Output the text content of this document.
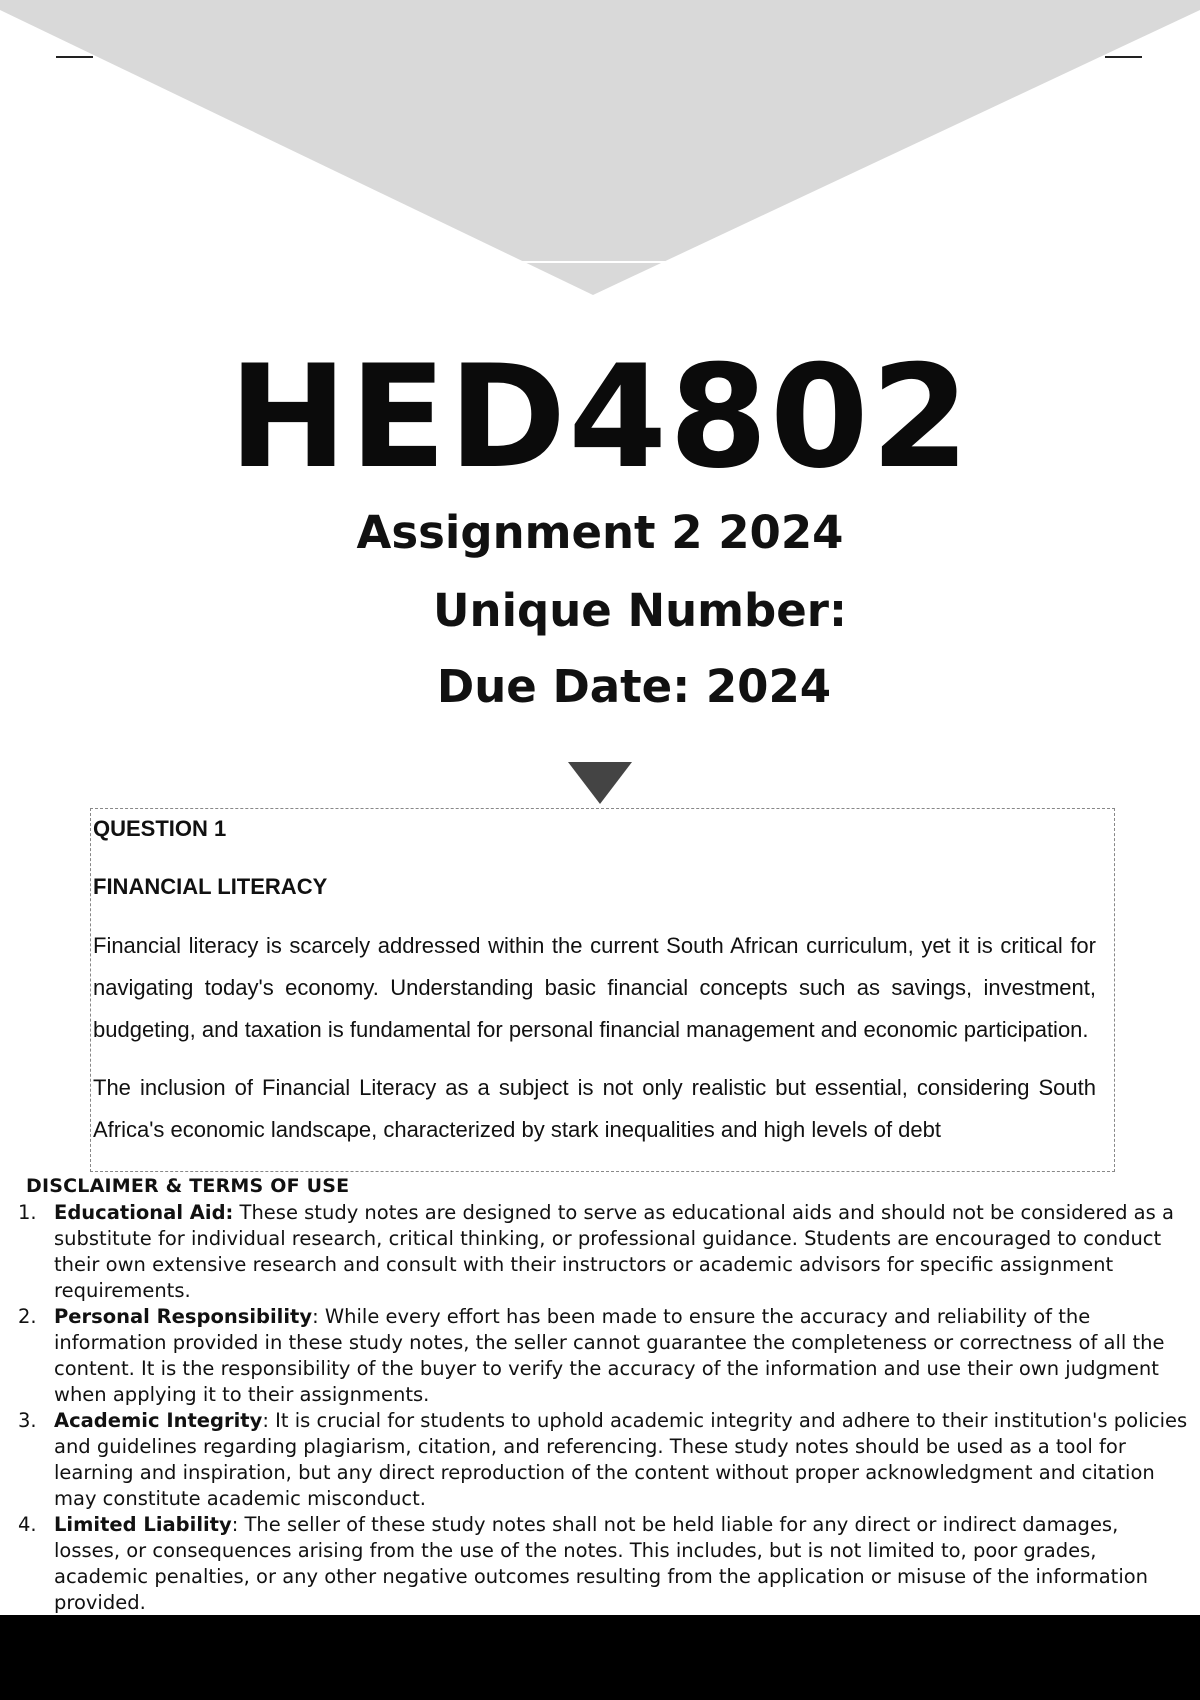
HED4802
Assignment 2 2024
Unique Number:
Due Date: 2024

QUESTION 1

FINANCIAL LITERACY

Financial literacy is scarcely addressed within the current South African curriculum, yet it is critical for navigating today's economy. Understanding basic financial concepts such as savings, investment, budgeting, and taxation is fundamental for personal financial management and economic participation.

The inclusion of Financial Literacy as a subject is not only realistic but essential, considering South Africa's economic landscape, characterized by stark inequalities and high levels of debt

DISCLAIMER & TERMS OF USE
1. Educational Aid: These study notes are designed to serve as educational aids and should not be considered as a substitute for individual research, critical thinking, or professional guidance. Students are encouraged to conduct their own extensive research and consult with their instructors or academic advisors for specific assignment requirements.
2. Personal Responsibility: While every effort has been made to ensure the accuracy and reliability of the information provided in these study notes, the seller cannot guarantee the completeness or correctness of all the content. It is the responsibility of the buyer to verify the accuracy of the information and use their own judgment when applying it to their assignments.
3. Academic Integrity: It is crucial for students to uphold academic integrity and adhere to their institution's policies and guidelines regarding plagiarism, citation, and referencing. These study notes should be used as a tool for learning and inspiration, but any direct reproduction of the content without proper acknowledgment and citation may constitute academic misconduct.
4. Limited Liability: The seller of these study notes shall not be held liable for any direct or indirect damages, losses, or consequences arising from the use of the notes. This includes, but is not limited to, poor grades, academic penalties, or any other negative outcomes resulting from the application or misuse of the information provided.
